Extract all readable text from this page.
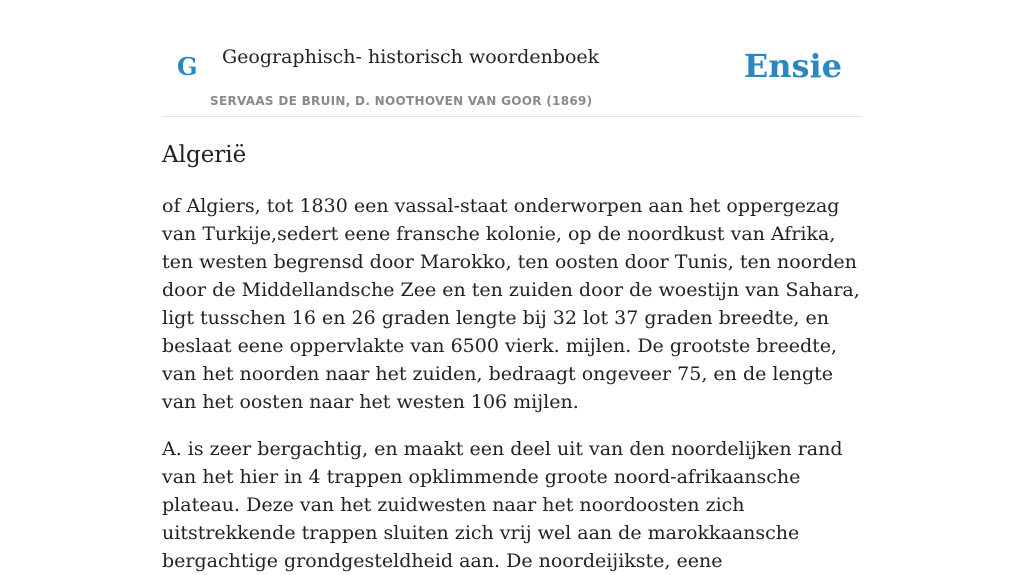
G Geographisch- historisch woordenboek
SERVAAS DE BRUIN, D. NOOTHOVEN VAN GOOR (1869)
Ensie
Algerië

of Algiers, tot 1830 een vassal-staat onderworpen aan het oppergezag van Turkije,sedert eene fransche kolonie, op de noordkust van Afrika, ten westen begrensd door Marokko, ten oosten door Tunis, ten noorden door de Middellandsche Zee en ten zuiden door de woestijn van Sahara, ligt tusschen 16 en 26 graden lengte bij 32 lot 37 graden breedte, en beslaat eene oppervlakte van 6500 vierk. mijlen. De grootste breedte, van het noorden naar het zuiden, bedraagt ongeveer 75, en de lengte van het oosten naar het westen 106 mijlen.

A. is zeer bergachtig, en maakt een deel uit van den noordelijken rand van het hier in 4 trappen opklimmende groote noord-afrikaansche plateau. Deze van het zuidwesten naar het noordoosten zich uitstrekkende trappen sluiten zich vrij wel aan de marokkaansche bergachtige grondgesteldheid aan. De noordeijikste, eene
